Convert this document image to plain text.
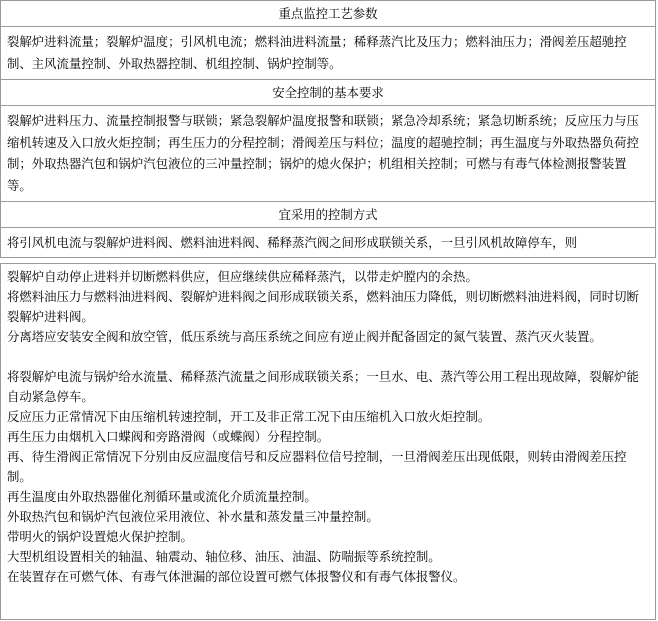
重点监控工艺参数
裂解炉进料流量；裂解炉温度；引风机电流；燃料油进料流量；稀释蒸汽比及压力；燃料油压力；滑阀差压超驰控制、主风流量控制、外取热器控制、机组控制、锅炉控制等。
安全控制的基本要求
裂解炉进料压力、流量控制报警与联锁；紧急裂解炉温度报警和联锁；紧急冷却系统；紧急切断系统；反应压力与压缩机转速及入口放火炬控制；再生压力的分程控制；滑阀差压与料位；温度的超驰控制；再生温度与外取热器负荷控制；外取热器汽包和锅炉汽包液位的三冲量控制；锅炉的熄火保护；机组相关控制；可燃与有毒气体检测报警装置等。
宜采用的控制方式
将引风机电流与裂解炉进料阀、燃料油进料阀、稀释蒸汽阀之间形成联锁关系，一旦引风机故障停车，则
裂解炉自动停止进料并切断燃料供应，但应继续供应稀释蒸汽，以带走炉膛内的余热。
将燃料油压力与燃料油进料阀、裂解炉进料阀之间形成联锁关系，燃料油压力降低，则切断燃料油进料阀，同时切断裂解炉进料阀。
分离塔应安装安全阀和放空管，低压系统与高压系统之间应有逆止阀并配备固定的氮气装置、蒸汽灭火装置。
将裂解炉电流与锅炉给水流量、稀释蒸汽流量之间形成联锁关系；一旦水、电、蒸汽等公用工程出现故障，裂解炉能自动紧急停车。
反应压力正常情况下由压缩机转速控制，开工及非正常工况下由压缩机入口放火炬控制。
再生压力由烟机入口蝶阀和旁路滑阀（或蝶阀）分程控制。
再、待生滑阀正常情况下分别由反应温度信号和反应器料位信号控制，一旦滑阀差压出现低限，则转由滑阀差压控制。
再生温度由外取热器催化剂循环量或流化介质流量控制。
外取热汽包和锅炉汽包液位采用液位、补水量和蒸发量三冲量控制。
带明火的锅炉设置熄火保护控制。
大型机组设置相关的轴温、轴震动、轴位移、油压、油温、防喘振等系统控制。
在装置存在可燃气体、有毒气体泄漏的部位设置可燃气体报警仪和有毒气体报警仪。
